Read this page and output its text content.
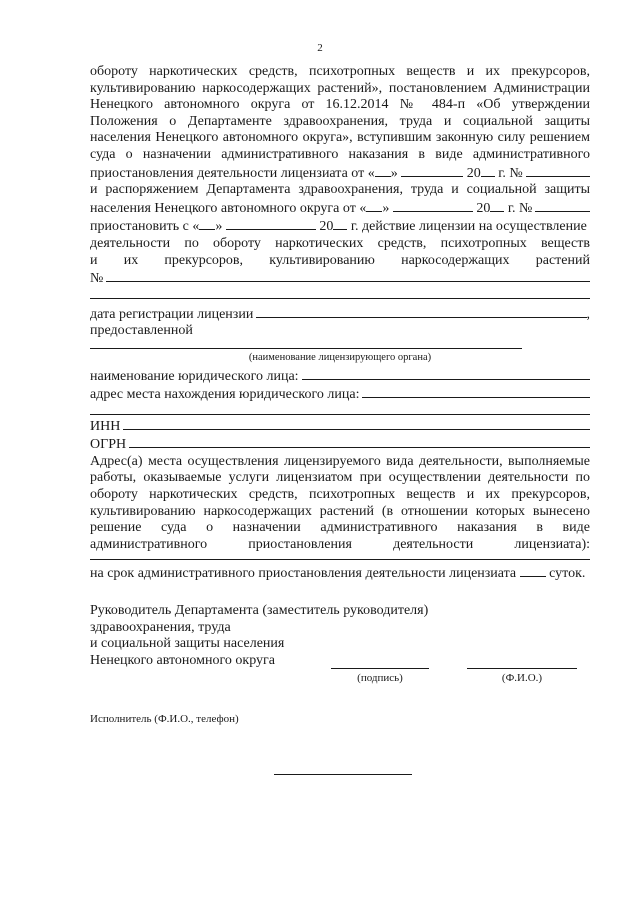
2

обороту наркотических средств, психотропных веществ и их прекурсоров,

культивированию наркосодержащих растений», постановлением Администрации

Ненецкого автономного округа от 16.12.2014 № 484-п «Об утверждении

Положения о Департаменте здравоохранения, труда и социальной защиты

населения Ненецкого автономного округа», вступившим законную силу решением

суда о назначении административного наказания в виде административного

приостановления деятельности лицензиата от « »

	20
г. №

и распоряжением Департамента здравоохранения, труда и социальной защиты

населения Ненецкого автономного округа от « »

	20
г. №

приостановить с « »

	20
г. действие лицензии на осуществление

деятельности по обороту наркотических средств, психотропных веществ

и их прекурсоров, культивированию наркосодержащих растений

№

дата регистрации лицензии	,

предоставленной

(наименование лицензирующего органа)

наименование юридического лица:

адрес места нахождения юридического лица:

ИНН

ОГРН

Адрес(а) места осуществления лицензируемого вида деятельности, выполняемые

работы, оказываемые услуги лицензиатом при осуществлении деятельности по

обороту наркотических средств, психотропных веществ и их прекурсоров,

культивированию наркосодержащих растений (в отношении которых вынесено

решение суда о назначении административного наказания в виде

административного приостановления деятельности лицензиата):

на срок административного приостановления деятельности лицензиата

суток.

Руководитель Департамента (заместитель руководителя)

здравоохранения, труда

и социальной защиты населения

Ненецкого автономного округа

(подпись)	(Ф.И.О.)
Исполнитель (Ф.И.О., телефон)
